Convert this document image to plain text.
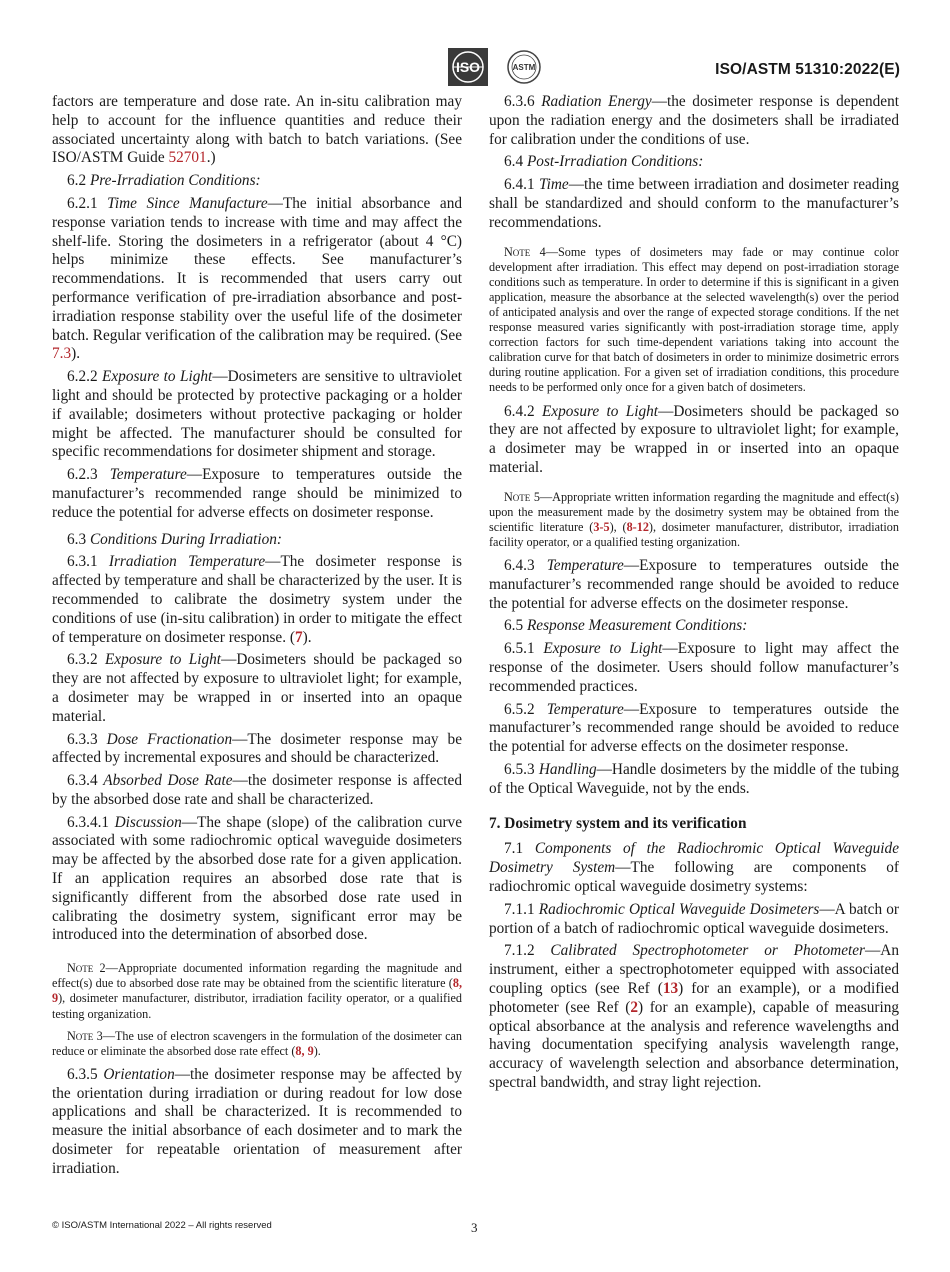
ISO	ASTM	ISO/ASTM 51310:2022(E)

factors are temperature and dose rate. An in-situ calibration may help to account for the influence quantities and reduce their associated uncertainty along with batch to batch variations. (See ISO/ASTM Guide 52701.)

6.2 Pre-Irradiation Conditions:

6.2.1 Time Since Manufacture—The initial absorbance and response variation tends to increase with time and may affect the shelf-life. Storing the dosimeters in a refrigerator (about 4 °C) helps minimize these effects. See manufacturer’s recommendations. It is recommended that users carry out performance verification of pre-irradiation absorbance and post-irradiation response stability over the useful life of the dosimeter batch. Regular verification of the calibration may be required. (See 7.3).

6.2.2 Exposure to Light—Dosimeters are sensitive to ultraviolet light and should be protected by protective packaging or a holder if available; dosimeters without protective packaging or holder might be affected. The manufacturer should be consulted for specific recommendations for dosimeter shipment and storage.

6.2.3 Temperature—Exposure to temperatures outside the manufacturer’s recommended range should be minimized to reduce the potential for adverse effects on dosimeter response.

6.3 Conditions During Irradiation:

6.3.1 Irradiation Temperature—The dosimeter response is affected by temperature and shall be characterized by the user. It is recommended to calibrate the dosimetry system under the conditions of use (in-situ calibration) in order to mitigate the effect of temperature on dosimeter response. (7).

6.3.2 Exposure to Light—Dosimeters should be packaged so they are not affected by exposure to ultraviolet light; for example, a dosimeter may be wrapped in or inserted into an opaque material.

6.3.3 Dose Fractionation—The dosimeter response may be affected by incremental exposures and should be characterized.

6.3.4 Absorbed Dose Rate—the dosimeter response is affected by the absorbed dose rate and shall be characterized.

6.3.4.1 Discussion—The shape (slope) of the calibration curve associated with some radiochromic optical waveguide dosimeters may be affected by the absorbed dose rate for a given application. If an application requires an absorbed dose rate that is significantly different from the absorbed dose rate used in calibrating the dosimetry system, significant error may be introduced into the determination of absorbed dose.

Note 2—Appropriate documented information regarding the magnitude and effect(s) due to absorbed dose rate may be obtained from the scientific literature (8, 9), dosimeter manufacturer, distributor, irradiation facility operator, or a qualified testing organization.

Note 3—The use of electron scavengers in the formulation of the dosimeter can reduce or eliminate the absorbed dose rate effect (8, 9).

6.3.5 Orientation—the dosimeter response may be affected by the orientation during irradiation or during readout for low dose applications and shall be characterized. It is recommended to measure the initial absorbance of each dosimeter and to mark the dosimeter for repeatable orientation of measurement after irradiation.

6.3.6 Radiation Energy—the dosimeter response is dependent upon the radiation energy and the dosimeters shall be irradiated for calibration under the conditions of use.

6.4 Post-Irradiation Conditions:

6.4.1 Time—the time between irradiation and dosimeter reading shall be standardized and should conform to the manufacturer’s recommendations.

Note 4—Some types of dosimeters may fade or may continue color development after irradiation. This effect may depend on post-irradiation storage conditions such as temperature. In order to determine if this is significant in a given application, measure the absorbance at the selected wavelength(s) over the period of anticipated analysis and over the range of expected storage conditions. If the net response measured varies significantly with post-irradiation storage time, apply correction factors for such time-dependent variations taking into account the calibration curve for that batch of dosimeters in order to minimize dosimetric errors during routine application. For a given set of irradiation conditions, this procedure needs to be performed only once for a given batch of dosimeters.

6.4.2 Exposure to Light—Dosimeters should be packaged so they are not affected by exposure to ultraviolet light; for example, a dosimeter may be wrapped in or inserted into an opaque material.

Note 5—Appropriate written information regarding the magnitude and effect(s) upon the measurement made by the dosimetry system may be obtained from the scientific literature (3-5), (8-12), dosimeter manufacturer, distributor, irradiation facility operator, or a qualified testing organization.

6.4.3 Temperature—Exposure to temperatures outside the manufacturer’s recommended range should be avoided to reduce the potential for adverse effects on the dosimeter response.

6.5 Response Measurement Conditions:

6.5.1 Exposure to Light—Exposure to light may affect the response of the dosimeter. Users should follow manufacturer’s recommended practices.

6.5.2 Temperature—Exposure to temperatures outside the manufacturer’s recommended range should be avoided to reduce the potential for adverse effects on the dosimeter response.

6.5.3 Handling—Handle dosimeters by the middle of the tubing of the Optical Waveguide, not by the ends.

7. Dosimetry system and its verification

7.1 Components of the Radiochromic Optical Waveguide Dosimetry System—The following are components of radiochromic optical waveguide dosimetry systems:

7.1.1 Radiochromic Optical Waveguide Dosimeters—A batch or portion of a batch of radiochromic optical waveguide dosimeters.

7.1.2 Calibrated Spectrophotometer or Photometer—An instrument, either a spectrophotometer equipped with associated coupling optics (see Ref (13) for an example), or a modified photometer (see Ref (2) for an example), capable of measuring optical absorbance at the analysis and reference wavelengths and having documentation specifying analysis wavelength range, accuracy of wavelength selection and absorbance determination, spectral bandwidth, and stray light rejection.

© ISO/ASTM International 2022 – All rights reserved	3
